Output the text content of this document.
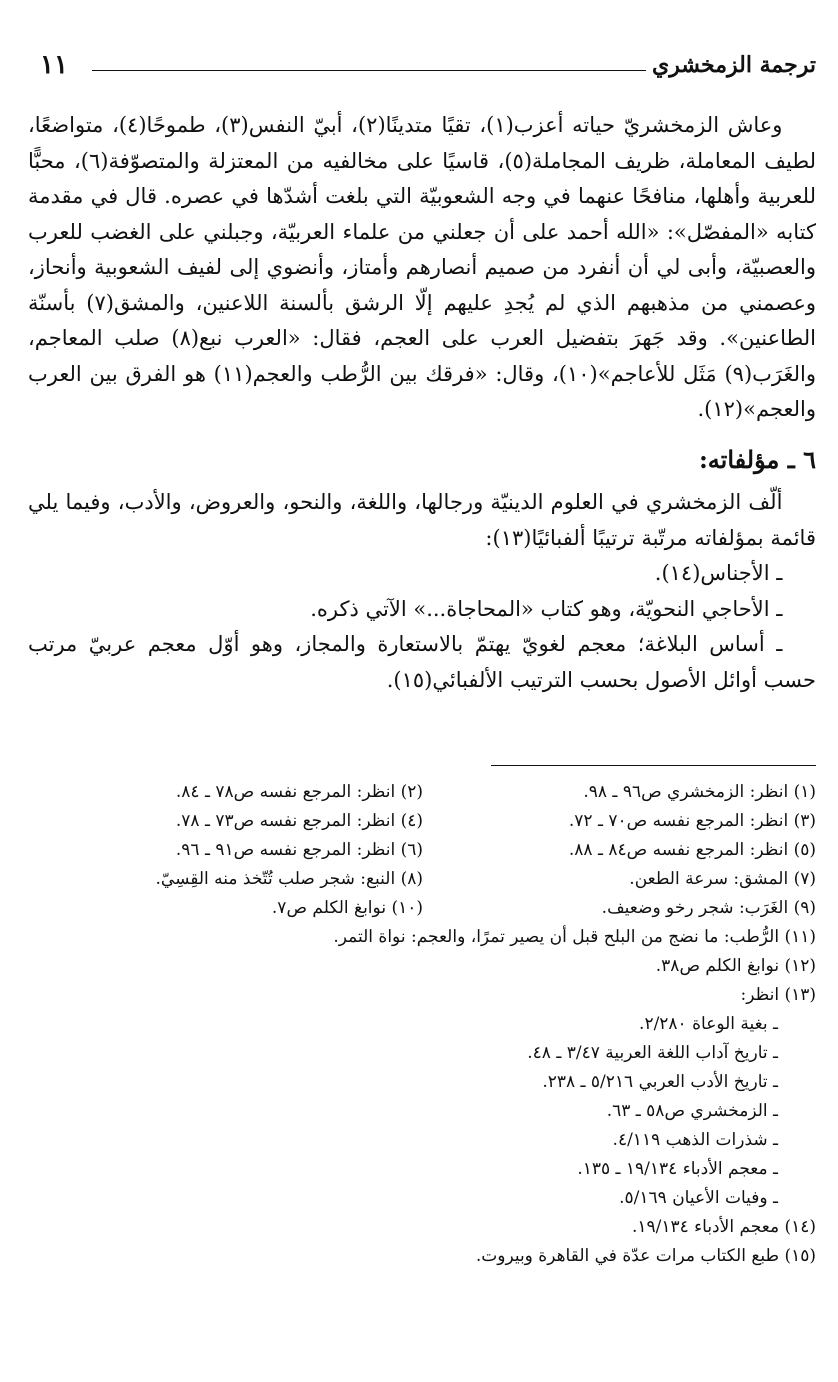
ترجمة الزمخشري
١١

وعاش الزمخشريّ حياته أعزب(١)، تقيًا متدينًا(٢)، أبيّ النفس(٣)، طموحًا(٤)، متواضعًا، لطيف المعاملة، ظريف المجاملة(٥)، قاسيًا على مخالفيه من المعتزلة والمتصوّفة(٦)، محبًّا للعربية وأهلها، منافحًا عنهما في وجه الشعوبيّة التي بلغت أشدّها في عصره. قال في مقدمة كتابه «المفصّل»: «الله أحمد على أن جعلني من علماء العربيّة، وجبلني على الغضب للعرب والعصبيّة، وأبى لي أن أنفرد من صميم أنصارهم وأمتاز، وأنضوي إلى لفيف الشعوبية وأنحاز، وعصمني من مذهبهم الذي لم يُجدِ عليهم إلّا الرشق بألسنة اللاعنين، والمشق(٧) بأسنّة الطاعنين». وقد جَهرَ بتفضيل العرب على العجم، فقال: «العرب نبع(٨) صلب المعاجم، والغَرَب(٩) مَثَل للأعاجم»(١٠)، وقال: «فرقك بين الرُّطب والعجم(١١) هو الفرق بين العرب والعجم»(١٢).

٦ ـ مؤلفاته:

ألّف الزمخشري في العلوم الدينيّة ورجالها، واللغة، والنحو، والعروض، والأدب، وفيما يلي قائمة بمؤلفاته مرتّبة ترتيبًا ألفبائيًا(١٣):

ـ الأجناس(١٤).

ـ الأحاجي النحويّة، وهو كتاب «المحاجاة...» الآتي ذكره.

ـ أساس البلاغة؛ معجم لغويّ يهتمّ بالاستعارة والمجاز، وهو أوّل معجم عربيّ مرتب حسب أوائل الأصول بحسب الترتيب الألفبائي(١٥).

(١) انظر: الزمخشري ص٩٦ ـ ٩٨.
(٢) انظر: المرجع نفسه ص٧٨ ـ ٨٤.
(٣) انظر: المرجع نفسه ص٧٠ ـ ٧٢.
(٤) انظر: المرجع نفسه ص٧٣ ـ ٧٨.
(٥) انظر: المرجع نفسه ص٨٤ ـ ٨٨.
(٦) انظر: المرجع نفسه ص٩١ ـ ٩٦.
(٧) المشق: سرعة الطعن.
(٨) النبع: شجر صلب تُتّخذ منه القِسِيّ.
(٩) الغَرَب: شجر رخو وضعيف.
(١٠) نوابغ الكلم ص٧.
(١١) الرُّطب: ما نضج من البلح قبل أن يصير تمرًا، والعجم: نواة التمر.
(١٢) نوابغ الكلم ص٣٨.
(١٣) انظر:
ـ بغية الوعاة ٢/٢٨٠.
ـ تاريخ آداب اللغة العربية ٣/٤٧ ـ ٤٨.
ـ تاريخ الأدب العربي ٥/٢١٦ ـ ٢٣٨.
ـ الزمخشري ص٥٨ ـ ٦٣.
ـ شذرات الذهب ٤/١١٩.
ـ معجم الأدباء ١٩/١٣٤ ـ ١٣٥.
ـ وفيات الأعيان ٥/١٦٩.
(١٤) معجم الأدباء ١٩/١٣٤.
(١٥) طبع الكتاب مرات عدّة في القاهرة وبيروت.
